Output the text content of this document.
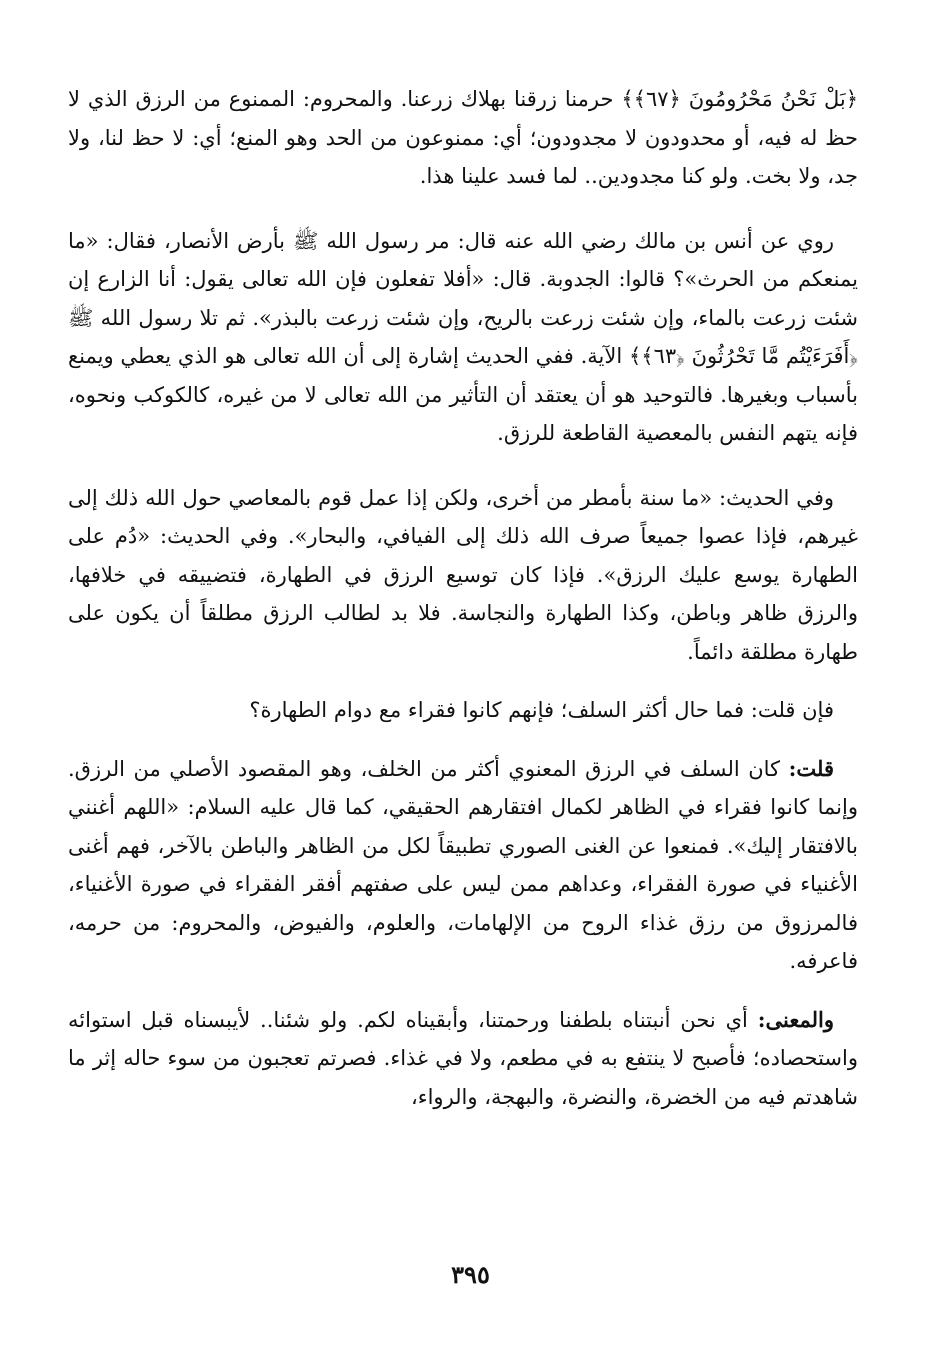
﴿بَلْ نَحْنُ مَحْرُومُونَ ﴿٦٧﴾﴾ حرمنا زرقنا بهلاك زرعنا. والمحروم: الممنوع من الرزق الذي لا حظ له فيه، أو محدودون لا مجدودون؛ أي: ممنوعون من الحد وهو المنع؛ أي: لا حظ لنا، ولا جد، ولا بخت. ولو كنا مجدودين.. لما فسد علينا هذا.

روي عن أنس بن مالك رضي الله عنه قال: مر رسول الله ﷺ بأرض الأنصار، فقال: «ما يمنعكم من الحرث»؟ قالوا: الجدوبة. قال: «أفلا تفعلون فإن الله تعالى يقول: أنا الزارع إن شئت زرعت بالماء، وإن شئت زرعت بالريح، وإن شئت زرعت بالبذر». ثم تلا رسول الله ﷺ ﴿أَفَرَءَيْتُم مَّا تَحْرُثُونَ ﴿٦٣﴾﴾ الآية. ففي الحديث إشارة إلى أن الله تعالى هو الذي يعطي ويمنع بأسباب وبغيرها. فالتوحيد هو أن يعتقد أن التأثير من الله تعالى لا من غيره، كالكوكب ونحوه، فإنه يتهم النفس بالمعصية القاطعة للرزق.

وفي الحديث: «ما سنة بأمطر من أخرى، ولكن إذا عمل قوم بالمعاصي حول الله ذلك إلى غيرهم، فإذا عصوا جميعاً صرف الله ذلك إلى الفيافي، والبحار». وفي الحديث: «دُم على الطهارة يوسع عليك الرزق». فإذا كان توسيع الرزق في الطهارة، فتضييقه في خلافها، والرزق ظاهر وباطن، وكذا الطهارة والنجاسة. فلا بد لطالب الرزق مطلقاً أن يكون على طهارة مطلقة دائماً.

فإن قلت: فما حال أكثر السلف؛ فإنهم كانوا فقراء مع دوام الطهارة؟

قلت: كان السلف في الرزق المعنوي أكثر من الخلف، وهو المقصود الأصلي من الرزق. وإنما كانوا فقراء في الظاهر لكمال افتقارهم الحقيقي، كما قال عليه السلام: «اللهم أغنني بالافتقار إليك». فمنعوا عن الغنى الصوري تطبيقاً لكل من الظاهر والباطن بالآخر، فهم أغنى الأغنياء في صورة الفقراء، وعداهم ممن ليس على صفتهم أفقر الفقراء في صورة الأغنياء، فالمرزوق من رزق غذاء الروح من الإلهامات، والعلوم، والفيوض، والمحروم: من حرمه، فاعرفه.

والمعنى: أي نحن أنبتناه بلطفنا ورحمتنا، وأبقيناه لكم. ولو شئنا.. لأيبسناه قبل استوائه واستحصاده؛ فأصبح لا ينتفع به في مطعم، ولا في غذاء. فصرتم تعجبون من سوء حاله إثر ما شاهدتم فيه من الخضرة، والنضرة، والبهجة، والرواء،

٣٩٥
